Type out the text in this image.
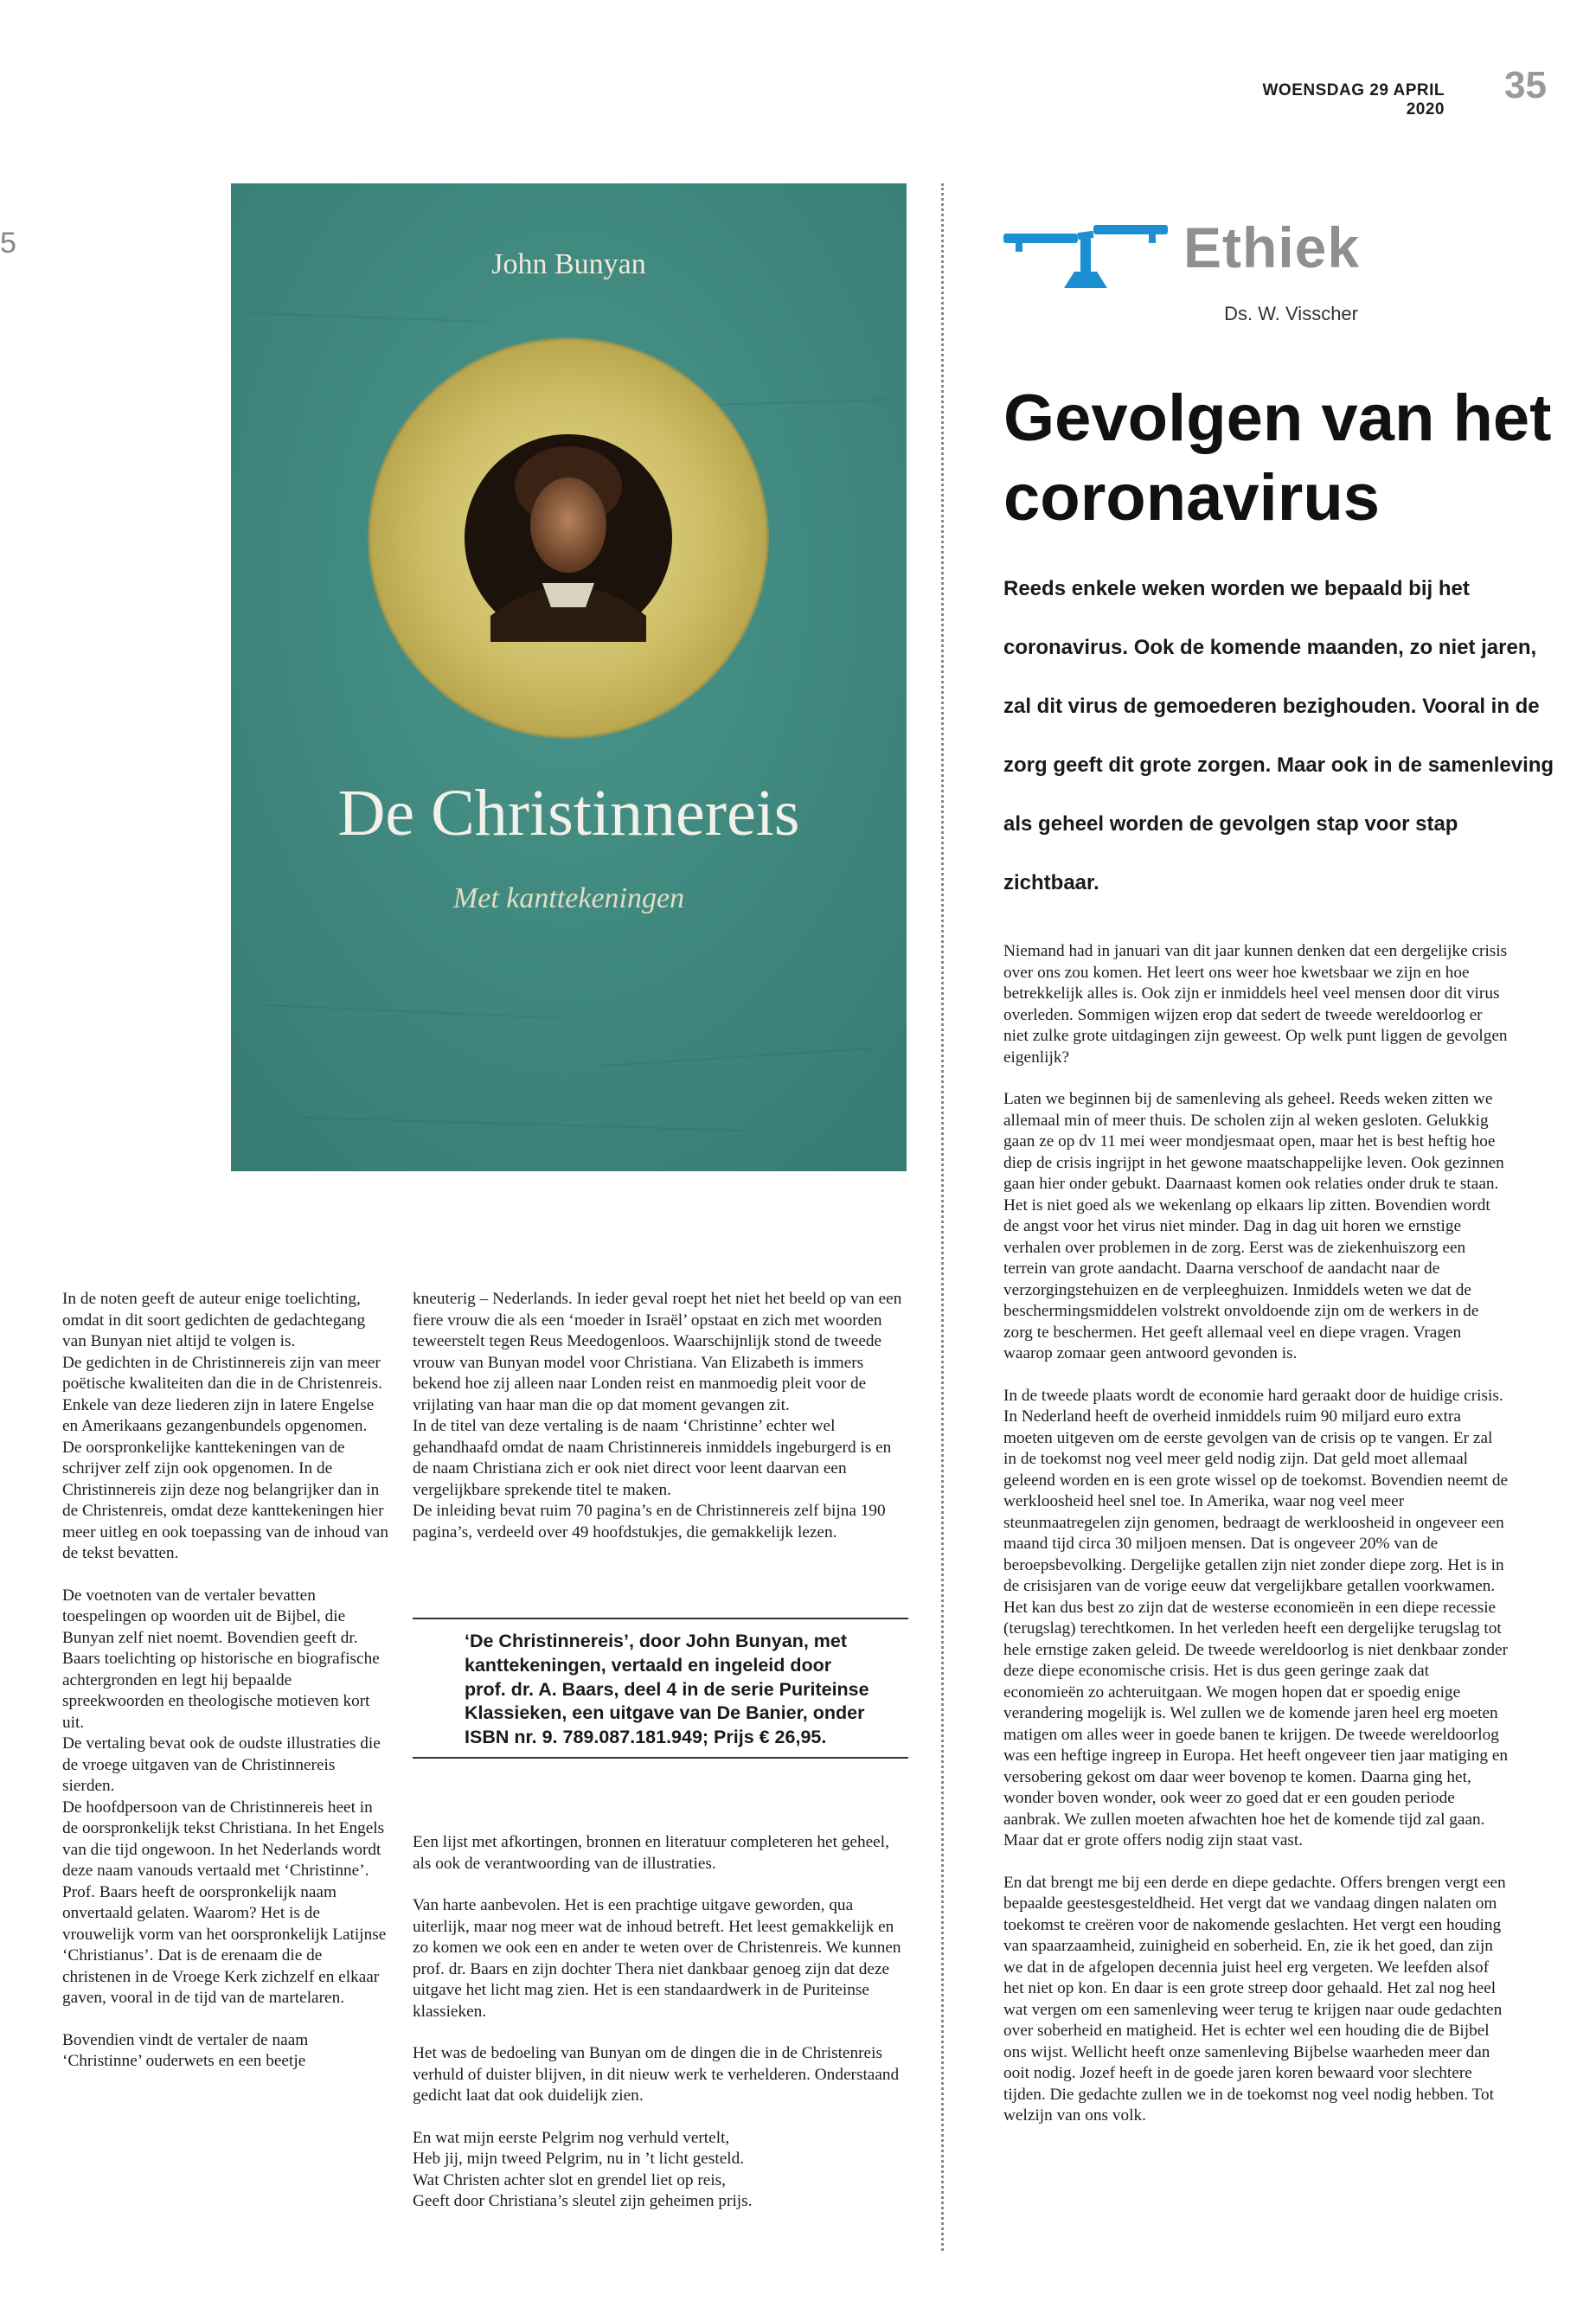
WOENSDAG 29 APRIL 2020
35
5
John Bunyan
De Christinnereis
Met kanttekeningen
Ethiek
Ds. W. Visscher
Gevolgen van het coronavirus
Reeds enkele weken worden we bepaald bij het coronavirus. Ook de komende maanden, zo niet jaren, zal dit virus de gemoederen bezighouden. Vooral in de zorg geeft dit grote zorgen. Maar ook in de samenleving als geheel worden de gevolgen stap voor stap zichtbaar.

Niemand had in januari van dit jaar kunnen denken dat een dergelijke crisis over ons zou komen. Het leert ons weer hoe kwetsbaar we zijn en hoe betrekkelijk alles is. Ook zijn er inmiddels heel veel mensen door dit virus overleden. Sommigen wijzen erop dat sedert de tweede wereldoorlog er niet zulke grote uitdagingen zijn geweest. Op welk punt liggen de gevolgen eigenlijk?

Laten we beginnen bij de samenleving als geheel. Reeds weken zitten we allemaal min of meer thuis. De scholen zijn al weken gesloten. Gelukkig gaan ze op dv 11 mei weer mondjesmaat open, maar het is best heftig hoe diep de crisis ingrijpt in het gewone maatschappelijke leven. Ook gezinnen gaan hier onder gebukt. Daarnaast komen ook relaties onder druk te staan. Het is niet goed als we wekenlang op elkaars lip zitten. Bovendien wordt de angst voor het virus niet minder. Dag in dag uit horen we ernstige verhalen over problemen in de zorg. Eerst was de ziekenhuiszorg een terrein van grote aandacht. Daarna verschoof de aandacht naar de verzorgingstehuizen en de verpleeghuizen. Inmiddels weten we dat de beschermingsmiddelen volstrekt onvoldoende zijn om de werkers in de zorg te beschermen. Het geeft allemaal veel en diepe vragen. Vragen waarop zomaar geen antwoord gevonden is.

In de tweede plaats wordt de economie hard geraakt door de huidige crisis. In Nederland heeft de overheid inmiddels ruim 90 miljard euro extra moeten uitgeven om de eerste gevolgen van de crisis op te vangen. Er zal in de toekomst nog veel meer geld nodig zijn. Dat geld moet allemaal geleend worden en is een grote wissel op de toekomst. Bovendien neemt de werkloosheid heel snel toe. In Amerika, waar nog veel meer steunmaatregelen zijn genomen, bedraagt de werkloosheid in ongeveer een maand tijd circa 30 miljoen mensen. Dat is ongeveer 20% van de beroepsbevolking. Dergelijke getallen zijn niet zonder diepe zorg. Het is in de crisisjaren van de vorige eeuw dat vergelijkbare getallen voorkwamen. Het kan dus best zo zijn dat de westerse economieën in een diepe recessie (terugslag) terechtkomen. In het verleden heeft een dergelijke terugslag tot hele ernstige zaken geleid. De tweede wereldoorlog is niet denkbaar zonder deze diepe economische crisis. Het is dus geen geringe zaak dat economieën zo achteruitgaan. We mogen hopen dat er spoedig enige verandering mogelijk is. Wel zullen we de komende jaren heel erg moeten matigen om alles weer in goede banen te krijgen. De tweede wereldoorlog was een heftige ingreep in Europa. Het heeft ongeveer tien jaar matiging en versobering gekost om daar weer bovenop te komen. Daarna ging het, wonder boven wonder, ook weer zo goed dat er een gouden periode aanbrak. We zullen moeten afwachten hoe het de komende tijd zal gaan. Maar dat er grote offers nodig zijn staat vast.

En dat brengt me bij een derde en diepe gedachte. Offers brengen vergt een bepaalde geestesgesteldheid. Het vergt dat we vandaag dingen nalaten om toekomst te creëren voor de nakomende geslachten. Het vergt een houding van spaarzaamheid, zuinigheid en soberheid. En, zie ik het goed, dan zijn we dat in de afgelopen decennia juist heel erg vergeten. We leefden alsof het niet op kon. En daar is een grote streep door gehaald. Het zal nog heel wat vergen om een samenleving weer terug te krijgen naar oude gedachten over soberheid en matigheid. Het is echter wel een houding die de Bijbel ons wijst. Wellicht heeft onze samenleving Bijbelse waarheden meer dan ooit nodig. Jozef heeft in de goede jaren koren bewaard voor slechtere tijden. Die gedachte zullen we in de toekomst nog veel nodig hebben. Tot welzijn van ons volk.

In de noten geeft de auteur enige toelichting, omdat in dit soort gedichten de gedachtegang van Bunyan niet altijd te volgen is.
De gedichten in de Christinnereis zijn van meer poëtische kwaliteiten dan die in de Christenreis. Enkele van deze liederen zijn in latere Engelse en Amerikaans gezangenbundels opgenomen.
De oorspronkelijke kanttekeningen van de schrijver zelf zijn ook opgenomen. In de Christinnereis zijn deze nog belangrijker dan in de Christenreis, omdat deze kanttekeningen hier meer uitleg en ook toepassing van de inhoud van de tekst bevatten.

De voetnoten van de vertaler bevatten toespelingen op woorden uit de Bijbel, die Bunyan zelf niet noemt. Bovendien geeft dr. Baars toelichting op historische en biografische achtergronden en legt hij bepaalde spreekwoorden en theologische motieven kort uit.
De vertaling bevat ook de oudste illustraties die de vroege uitgaven van de Christinnereis sierden.
De hoofdpersoon van de Christinnereis heet in de oorspronkelijk tekst Christiana. In het Engels van die tijd ongewoon. In het Nederlands wordt deze naam vanouds vertaald met ‘Christinne’. Prof. Baars heeft de oorspronkelijk naam onvertaald gelaten. Waarom? Het is de vrouwelijk vorm van het oorspronkelijk Latijnse ‘Christianus’. Dat is de erenaam die de christenen in de Vroege Kerk zichzelf en elkaar gaven, vooral in de tijd van de martelaren.

Bovendien vindt de vertaler de naam ‘Christinne’ ouderwets en een beetje

kneuterig – Nederlands. In ieder geval roept het niet het beeld op van een fiere vrouw die als een ‘moeder in Israël’ opstaat en zich met woorden teweerstelt tegen Reus Meedogenloos. Waarschijnlijk stond de tweede vrouw van Bunyan model voor Christiana. Van Elizabeth is immers bekend hoe zij alleen naar Londen reist en manmoedig pleit voor de vrijlating van haar man die op dat moment gevangen zit.
In de titel van deze vertaling is de naam ‘Christinne’ echter wel gehandhaafd omdat de naam Christinnereis inmiddels ingeburgerd is en de naam Christiana zich er ook niet direct voor leent daarvan een vergelijkbare sprekende titel te maken.
De inleiding bevat ruim 70 pagina’s en de Christinnereis zelf bijna 190 pagina’s, verdeeld over 49 hoofdstukjes, die gemakkelijk lezen.

‘De Christinnereis’, door John Bunyan, met kanttekeningen, vertaald en ingeleid door prof. dr. A. Baars, deel 4 in de serie Puriteinse Klassieken, een uitgave van De Banier, onder ISBN nr. 9. 789.087.181.949; Prijs € 26,95.

Een lijst met afkortingen, bronnen en literatuur completeren het geheel, als ook de verantwoording van de illustraties.

Van harte aanbevolen. Het is een prachtige uitgave geworden, qua uiterlijk, maar nog meer wat de inhoud betreft. Het leest gemakkelijk en zo komen we ook een en ander te weten over de Christenreis. We kunnen prof. dr. Baars en zijn dochter Thera niet dankbaar genoeg zijn dat deze uitgave het licht mag zien. Het is een standaardwerk in de Puriteinse klassieken.

Het was de bedoeling van Bunyan om de dingen die in de Christenreis verhuld of duister blijven, in dit nieuw werk te verhelderen. Onderstaand gedicht laat dat ook duidelijk zien.

En wat mijn eerste Pelgrim nog verhuld vertelt,
Heb jij, mijn tweed Pelgrim, nu in ’t licht gesteld.
Wat Christen achter slot en grendel liet op reis,
Geeft door Christiana’s sleutel zijn geheimen prijs.
